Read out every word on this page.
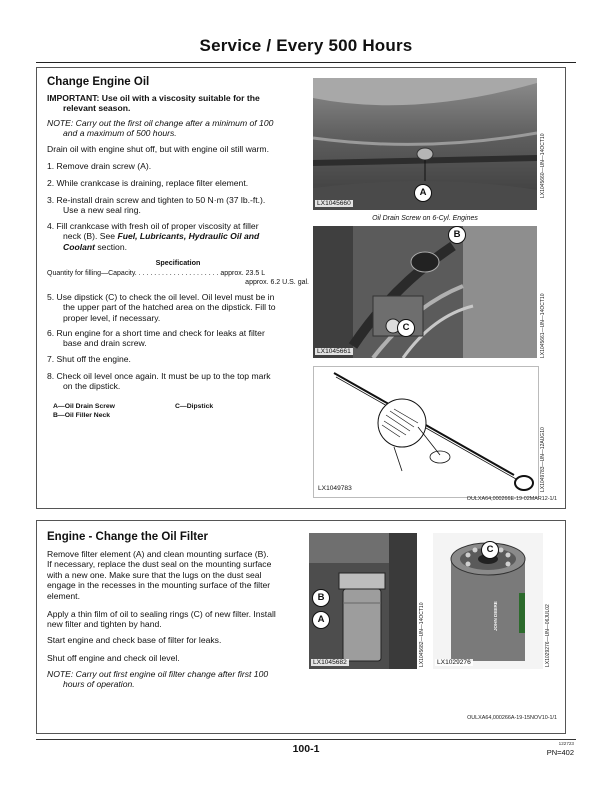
Service / Every 500 Hours
Change Engine Oil
IMPORTANT: Use oil with a viscosity suitable for the
relevant season.
NOTE: Carry out the first oil change after a minimum of 100
and a maximum of 500 hours.
Drain oil with engine shut off, but with engine oil still warm.
1. Remove drain screw (A).
2. While crankcase is draining, replace filter element.
3. Re-install drain screw and tighten to 50 N·m (37 lb.-ft.).
Use a new seal ring.
4. Fill crankcase with fresh oil of proper viscosity at filler
neck (B). See Fuel, Lubricants, Hydraulic Oil and
Coolant section.
Specification
Quantity for filling—Capacity. . . . . . . . . . . . . . . . . . . . . . approx. 23.5 L
approx. 6.2 U.S. gal.
5. Use dipstick (C) to check the oil level. Oil level must be in
the upper part of the hatched area on the dipstick. Fill to
proper level, if necessary.
6. Run engine for a short time and check for leaks at filter
base and drain screw.
7. Shut off the engine.
8. Check oil level once again. It must be up to the top mark
on the dipstick.
A—Oil Drain Screw
B—Oil Filler Neck
C—Dipstick
A
LX1045660
LX1045660—UN—14OCT10
Oil Drain Screw on 6-Cyl. Engines
B
C
LX1045661	LX1045661—UN—14OCT10
LX1049783	LX1049783—UN—12AUG10
OULXA64,000266E-19-02MAR12-1/1
Engine - Change the Oil Filter
Remove filter element (A) and clean mounting surface (B).
If necessary, replace the dust seal on the mounting surface
with a new one. Make sure that the lugs on the dust seal
engage in the recesses in the mounting surface of the filter
element.
Apply a thin film of oil to sealing rings (C) of new filter. Install
new filter and tighten by hand.
Start engine and check base of filter for leaks.
Shut off engine and check oil level.
NOTE: Carry out first engine oil filter change after first 100
hours of operation.
B
A
LX1045682	LX1045682—UN—14OCT10	JOHN DEERE
C
LX1029276	LX1029276—UN—06JUL02
OULXA64,000266A-19-15NOV10-1/1
100-1	122723
PN=402
